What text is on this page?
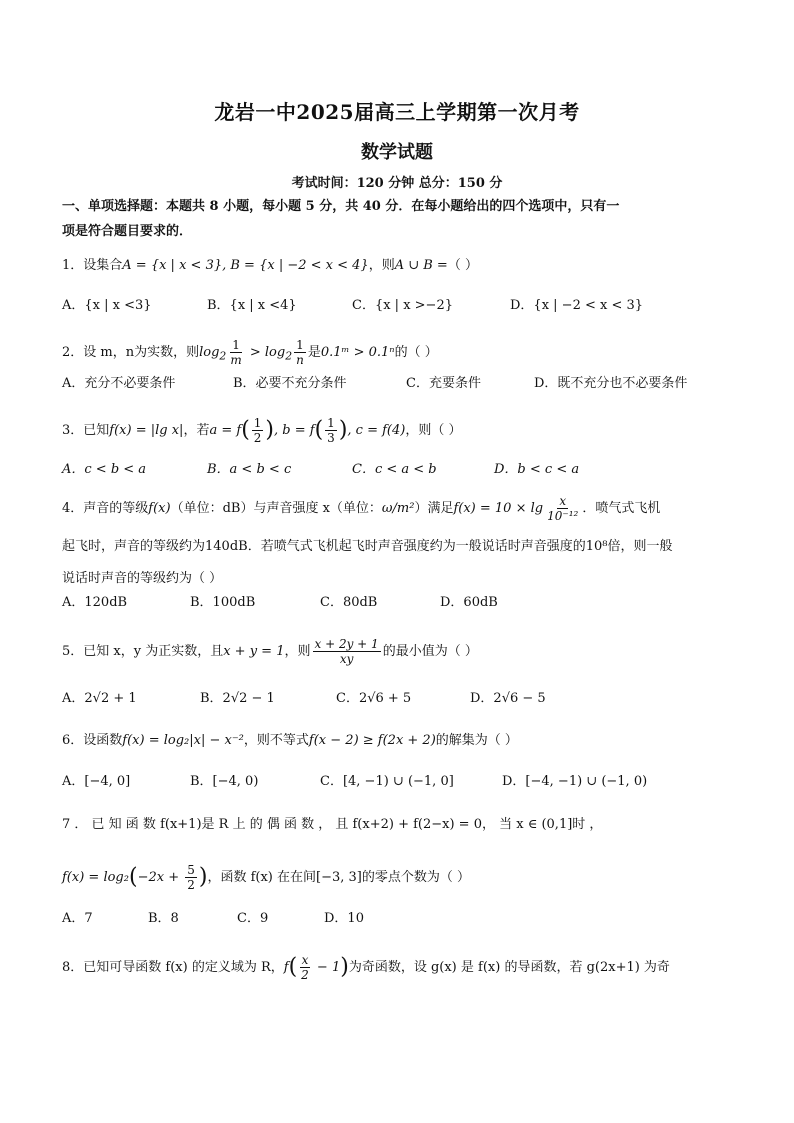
龙岩一中2025届高三上学期第一次月考
数学试题
考试时间：120 分钟 总分：150 分
一、单项选择题：本题共 8 小题，每小题 5 分，共 40 分．在每小题给出的四个选项中，只有一
项是符合题目要求的．
1．设集合A = {x | x < 3}, B = {x | −2 < x < 4}，则A ∪ B =（ ）
A．{x | x <3}	B．{x | x <4}	C．{x | x >−2}	D．{x | −2 < x < 3}
2．设 m，n为实数，则$\log_2 \frac{1}{m} > \log_2 \frac{1}{n}$ 是0.1ᵐ > 0.1ⁿ的（ ）
A．充分不必要条件	B．必要不充分条件	C．充要条件	D．既不充分也不必要条件
3．已知f(x) = |lg x|，若$a = f( \frac{1}{2}$ ), $b = f( \frac{1}{3}$ ), c = f(4)，则（ ）
A．c < b < a	B．a < b < c	C．c < a < b	D．b < c < a
4．声音的等级f(x)（单位：dB）与声音强度 x（单位：ω/m²）满足$f(x) = 10 \times \lg \frac{x}{\text{10⁻¹²}}$ ．喷气式飞机
起飞时，声音的等级约为140dB．若喷气式飞机起飞时声音强度约为一般说话时声音强度的10⁸倍，则一般
说话时声音的等级约为（ ）
A．120dB	B．100dB	C．80dB	D．60dB
5．已知 x，y 为正实数，且x + y = 1，则 $\frac{x + 2y + 1}{xy}$ 的最小值为（ ）
A．2√2 + 1	B．2√2 − 1	C．2√6 + 5	D．2√6 − 5
6．设函数f(x) = log₂|x| − x⁻²，则不等式f(x − 2) ≥ f(2x + 2)的解集为（ ）
A．[−4, 0]	B．[−4, 0)	C．[4, −1) ∪ (−1, 0]	D．[−4, −1) ∪ (−1, 0)
7 ． 已 知 函 数 f(x+1)是 R 上 的 偶 函 数 ， 且 f(x+2) + f(2−x) = 0， 当 x ∈ (0,1]时 ，
$f(x) = \log_2(-2x + \frac{5}{2}$ )，函数 f(x) 在在间[−3, 3]的零点个数为（ ）
A．7	B．8	C．9	D．10
8．已知可导函数 f(x) 的定义域为 R，$f( \frac{x}{2} - 1)$为奇函数，设 g(x) 是 f(x) 的导函数，若 g(2x+1) 为奇
